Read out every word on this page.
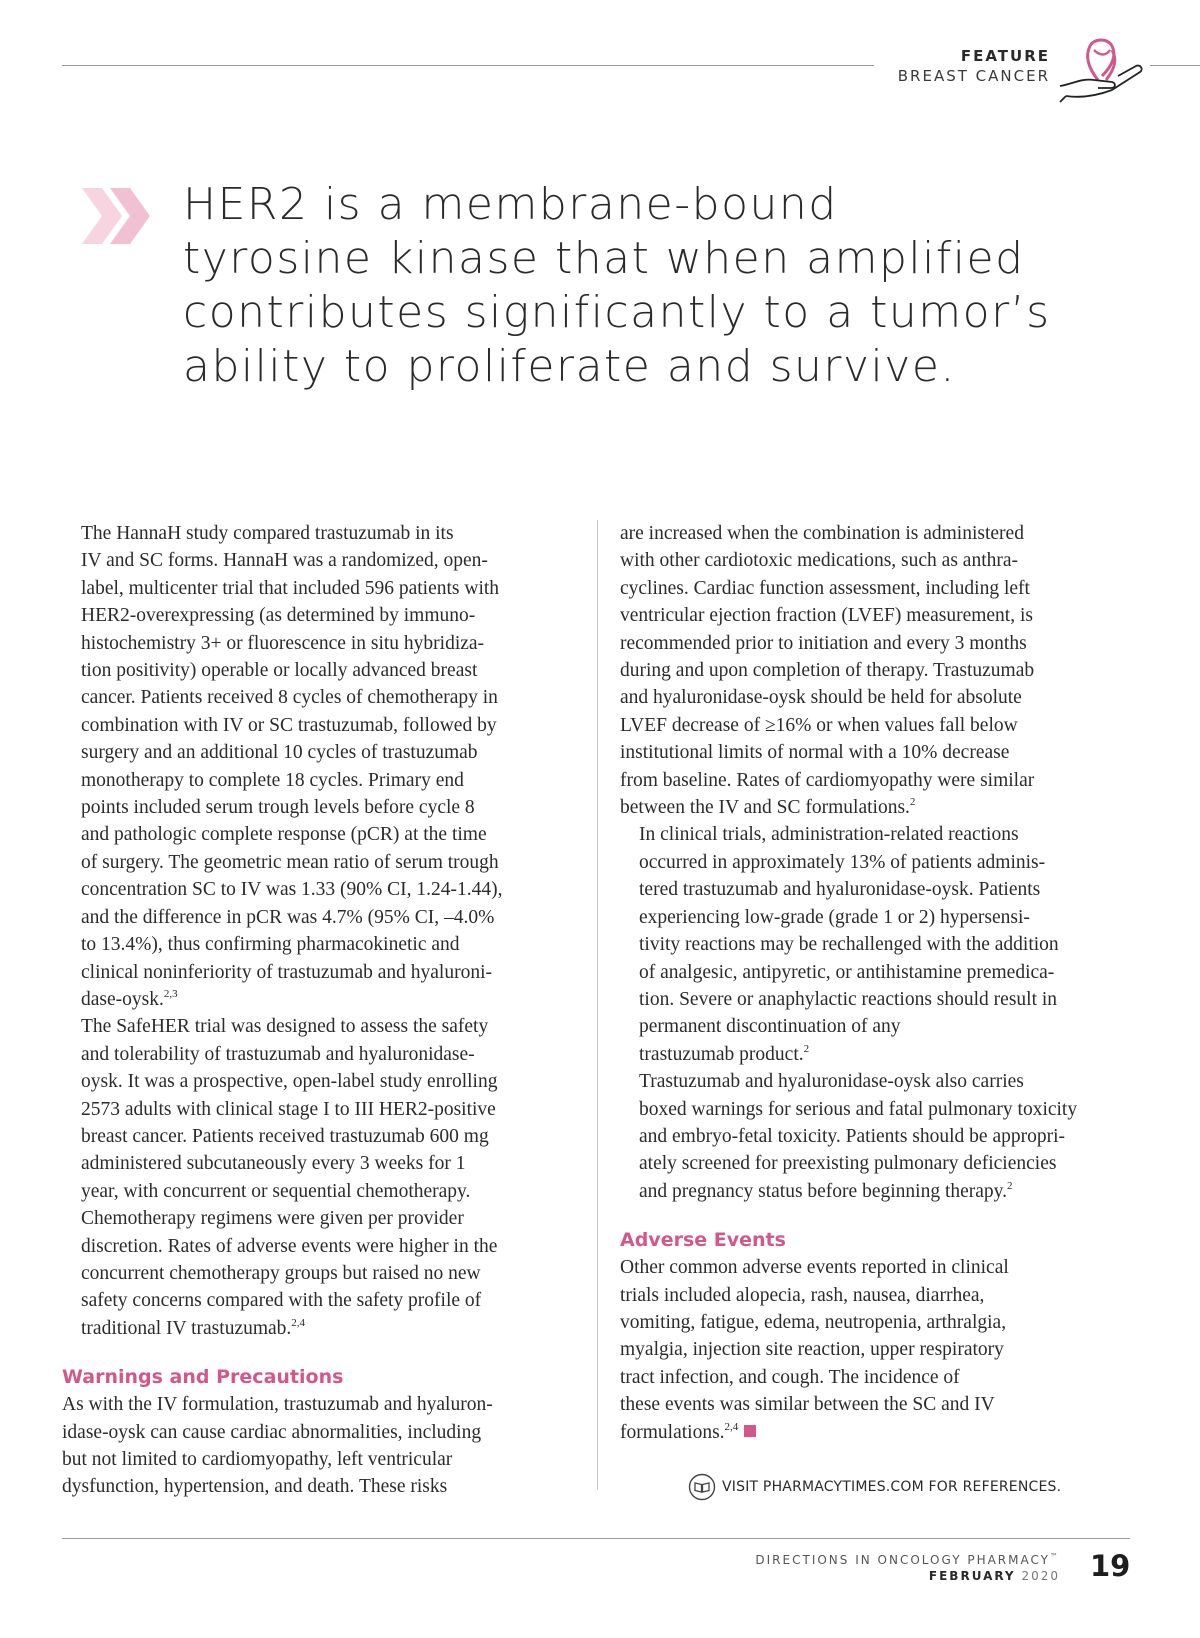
FEATURE
BREAST CANCER
HER2 is a membrane-bound
tyrosine kinase that when amplified
contributes significantly to a tumor’s
ability to proliferate and survive.

The HannaH study compared trastuzumab in its
IV and SC forms. HannaH was a randomized, open-
label, multicenter trial that included 596 patients with
HER2-overexpressing (as determined by immuno-
histochemistry 3+ or fluorescence in situ hybridiza-
tion positivity) operable or locally advanced breast
cancer. Patients received 8 cycles of chemotherapy in
combination with IV or SC trastuzumab, followed by
surgery and an additional 10 cycles of trastuzumab
monotherapy to complete 18 cycles. Primary end
points included serum trough levels before cycle 8
and pathologic complete response (pCR) at the time
of surgery. The geometric mean ratio of serum trough
concentration SC to IV was 1.33 (90% CI, 1.24-1.44),
and the difference in pCR was 4.7% (95% CI, –4.0%
to 13.4%), thus confirming pharmacokinetic and
clinical noninferiority of trastuzumab and hyaluroni-
dase-oysk.$^{2,3}$

The SafeHER trial was designed to assess the safety
and tolerability of trastuzumab and hyaluronidase-
oysk. It was a prospective, open-label study enrolling
2573 adults with clinical stage I to III HER2-positive
breast cancer. Patients received trastuzumab 600 mg
administered subcutaneously every 3 weeks for 1
year, with concurrent or sequential chemotherapy.
Chemotherapy regimens were given per provider
discretion. Rates of adverse events were higher in the
concurrent chemotherapy groups but raised no new
safety concerns compared with the safety profile of
traditional IV trastuzumab.$^{2,4}$

Warnings and Precautions

As with the IV formulation, trastuzumab and hyaluron-
idase-oysk can cause cardiac abnormalities, including
but not limited to cardiomyopathy, left ventricular
dysfunction, hypertension, and death. These risks

are increased when the combination is administered
with other cardiotoxic medications, such as anthra-
cyclines. Cardiac function assessment, including left
ventricular ejection fraction (LVEF) measurement, is
recommended prior to initiation and every 3 months
during and upon completion of therapy. Trastuzumab
and hyaluronidase-oysk should be held for absolute
LVEF decrease of ≥16% or when values fall below
institutional limits of normal with a 10% decrease
from baseline. Rates of cardiomyopathy were similar
between the IV and SC formulations.$^2$

In clinical trials, administration-related reactions
occurred in approximately 13% of patients adminis-
tered trastuzumab and hyaluronidase-oysk. Patients
experiencing low-grade (grade 1 or 2) hypersensi-
tivity reactions may be rechallenged with the addition
of analgesic, antipyretic, or antihistamine premedica-
tion. Severe or anaphylactic reactions should result in
permanent discontinuation of any
trastuzumab product.$^2$

Trastuzumab and hyaluronidase-oysk also carries
boxed warnings for serious and fatal pulmonary toxicity
and embryo-fetal toxicity. Patients should be appropri-
ately screened for preexisting pulmonary deficiencies
and pregnancy status before beginning therapy.$^2$

Adverse Events

Other common adverse events reported in clinical
trials included alopecia, rash, nausea, diarrhea,
vomiting, fatigue, edema, neutropenia, arthralgia,
myalgia, injection site reaction, upper respiratory
tract infection, and cough. The incidence of
these events was similar between the SC and IV
formulations.$^{2,4}$

VISIT PHARMACYTIMES.COM FOR REFERENCES.
DIRECTIONS IN ONCOLOGY PHARMACY™
FEBRUARY 2020 19
